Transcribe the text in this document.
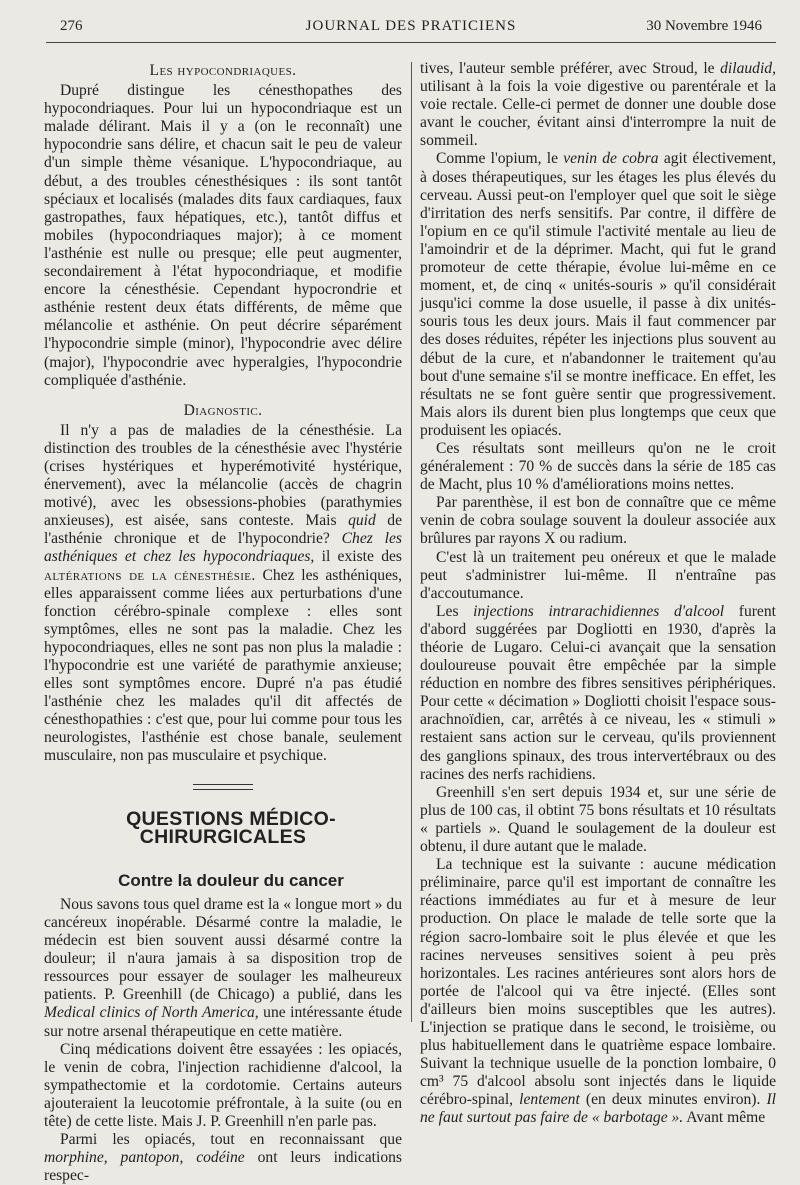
276	JOURNAL DES PRATICIENS	30 Novembre 1946

Les hypocondriaques.

Dupré distingue les cénesthopathes des hypocondriaques. Pour lui un hypocondriaque est un malade délirant. Mais il y a (on le reconnaît) une hypocondrie sans délire, et chacun sait le peu de valeur d'un simple thème vésanique. L'hypocondriaque, au début, a des troubles cénesthésiques : ils sont tantôt spéciaux et localisés (malades dits faux cardiaques, faux gastropathes, faux hépatiques, etc.), tantôt diffus et mobiles (hypocondriaques major); à ce moment l'asthénie est nulle ou presque; elle peut augmenter, secondairement à l'état hypocondriaque, et modifie encore la cénesthésie. Cependant hypocrondrie et asthénie restent deux états différents, de même que mélancolie et asthénie. On peut décrire séparément l'hypocondrie simple (minor), l'hypocondrie avec délire (major), l'hypocondrie avec hyperalgies, l'hypocondrie compliquée d'asthénie.

Diagnostic.

Il n'y a pas de maladies de la cénesthésie. La distinction des troubles de la cénesthésie avec l'hystérie (crises hystériques et hyperémotivité hystérique, énervement), avec la mélancolie (accès de chagrin motivé), avec les obsessions-phobies (parathymies anxieuses), est aisée, sans conteste. Mais quid de l'asthénie chronique et de l'hypocondrie? Chez les asthéniques et chez les hypocondriaques, il existe des altérations de la cénesthésie. Chez les asthéniques, elles apparaissent comme liées aux perturbations d'une fonction cérébro-spinale complexe : elles sont symptômes, elles ne sont pas la maladie. Chez les hypocondriaques, elles ne sont pas non plus la maladie : l'hypocondrie est une variété de parathymie anxieuse; elles sont symptômes encore. Dupré n'a pas étudié l'asthénie chez les malades qu'il dit affectés de cénesthopathies : c'est que, pour lui comme pour tous les neurologistes, l'asthénie est chose banale, seulement musculaire, non pas musculaire et psychique.

QUESTIONS MÉDICO-CHIRURGICALES

Contre la douleur du cancer

Nous savons tous quel drame est la « longue mort » du cancéreux inopérable. Désarmé contre la maladie, le médecin est bien souvent aussi désarmé contre la douleur; il n'aura jamais à sa disposition trop de ressources pour essayer de soulager les malheureux patients. P. Greenhill (de Chicago) a publié, dans les Medical clinics of North America, une intéressante étude sur notre arsenal thérapeutique en cette matière.

Cinq médications doivent être essayées : les opiacés, le venin de cobra, l'injection rachidienne d'alcool, la sympathectomie et la cordotomie. Certains auteurs ajouteraient la leucotomie préfrontale, à la suite (ou en tête) de cette liste. Mais J. P. Greenhill n'en parle pas.

Parmi les opiacés, tout en reconnaissant que morphine, pantopon, codéine ont leurs indications respec-

tives, l'auteur semble préférer, avec Stroud, le dilaudid, utilisant à la fois la voie digestive ou parentérale et la voie rectale. Celle-ci permet de donner une double dose avant le coucher, évitant ainsi d'interrompre la nuit de sommeil.

Comme l'opium, le venin de cobra agit électivement, à doses thérapeutiques, sur les étages les plus élevés du cerveau. Aussi peut-on l'employer quel que soit le siège d'irritation des nerfs sensitifs. Par contre, il diffère de l'opium en ce qu'il stimule l'activité mentale au lieu de l'amoindrir et de la déprimer. Macht, qui fut le grand promoteur de cette thérapie, évolue lui-même en ce moment, et, de cinq « unités-souris » qu'il considérait jusqu'ici comme la dose usuelle, il passe à dix unités-souris tous les deux jours. Mais il faut commencer par des doses réduites, répéter les injections plus souvent au début de la cure, et n'abandonner le traitement qu'au bout d'une semaine s'il se montre inefficace. En effet, les résultats ne se font guère sentir que progressivement. Mais alors ils durent bien plus longtemps que ceux que produisent les opiacés.

Ces résultats sont meilleurs qu'on ne le croit généralement : 70 % de succès dans la série de 185 cas de Macht, plus 10 % d'améliorations moins nettes.

Par parenthèse, il est bon de connaître que ce même venin de cobra soulage souvent la douleur associée aux brûlures par rayons X ou radium.

C'est là un traitement peu onéreux et que le malade peut s'administrer lui-même. Il n'entraîne pas d'accoutumance.

Les injections intrarachidiennes d'alcool furent d'abord suggérées par Dogliotti en 1930, d'après la théorie de Lugaro. Celui-ci avançait que la sensation douloureuse pouvait être empêchée par la simple réduction en nombre des fibres sensitives périphériques. Pour cette « décimation » Dogliotti choisit l'espace sous-arachnoïdien, car, arrêtés à ce niveau, les « stimuli » restaient sans action sur le cerveau, qu'ils proviennent des ganglions spinaux, des trous intervertébraux ou des racines des nerfs rachidiens.

Greenhill s'en sert depuis 1934 et, sur une série de plus de 100 cas, il obtint 75 bons résultats et 10 résultats « partiels ». Quand le soulagement de la douleur est obtenu, il dure autant que le malade.

La technique est la suivante : aucune médication préliminaire, parce qu'il est important de connaître les réactions immédiates au fur et à mesure de leur production. On place le malade de telle sorte que la région sacro-lombaire soit le plus élevée et que les racines nerveuses sensitives soient à peu près horizontales. Les racines antérieures sont alors hors de portée de l'alcool qui va être injecté. (Elles sont d'ailleurs bien moins susceptibles que les autres). L'injection se pratique dans le second, le troisième, ou plus habituellement dans le quatrième espace lombaire. Suivant la technique usuelle de la ponction lombaire, 0 cm³ 75 d'alcool absolu sont injectés dans le liquide cérébro-spinal, lentement (en deux minutes environ). Il ne faut surtout pas faire de « barbotage ». Avant même
